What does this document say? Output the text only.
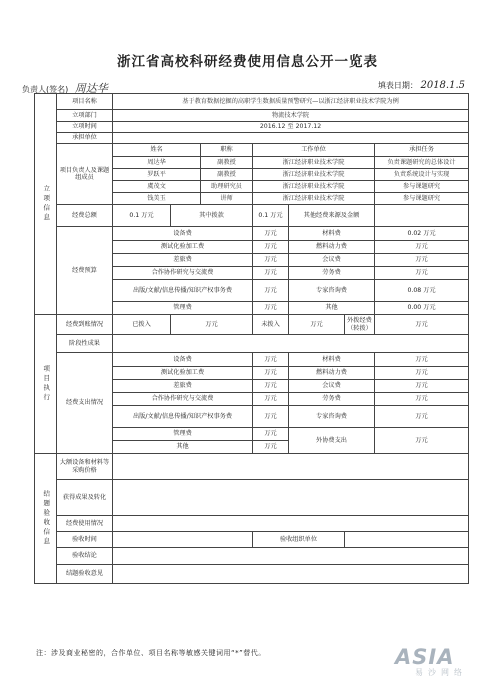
浙江省高校科研经费使用信息公开一览表
负责人(签名) 周达华	填表日期： 2018.1.5
立项信息	项目名称	基于教育数据挖掘的高职学生数据质量预警研究—以浙江经济职业技术学院为例						
	立项部门	物流技术学院						
	立项时间	2016.12 至 2017.12						
	承担单位							
	项目负责人及课题组成员	姓名		职称	工作单位			承担任务
		周达华		副教授	浙江经济职业技术学院			负责课题研究的总体设计
		罗跃平		副教授	浙江经济职业技术学院			负责系统设计与实现
		虞茂文		助理研究员	浙江经济职业技术学院			参与课题研究
		钱美玉		讲师	浙江经济职业技术学院			参与课题研究
	经费总额	0.1 万元	其中拨款		0.1 万元	其他经费来源及金额		
	经费预算	设备费			万元	材料费		0.02 万元
		测试化验加工费			万元	燃料动力费		万元
		差旅费			万元	会议费		万元
		合作协作研究与交流费			万元	劳务费		万元
		出版/文献/信息传播/知识产权事务费			万元	专家咨询费		0.08 万元
		管理费			万元	其他		0.00 万元
项目执行	经费到账情况	已拨入	万元		未拨入	万元	外拨经费（转拨）	万元
	阶段性成果							
	经费支出情况	设备费			万元	材料费		万元
		测试化验加工费			万元	燃料动力费		万元
		差旅费			万元	会议费		万元
		合作协作研究与交流费			万元	劳务费		万元
		出版/文献/信息传播/知识产权事务费			万元	专家咨询费		万元
		管理费			万元	外协费支出		万元
		其他			万元			
结题验收信息	大额设备和材料等采购价格							
	获得成果及转化							
	经费使用情况							
	验收时间				验收组织单位			
	验收结论							
	结题验收意见							
注：涉及商业秘密的，合作单位、项目名称等敏感关键词用“*”替代。	ASIA
易沙网络
